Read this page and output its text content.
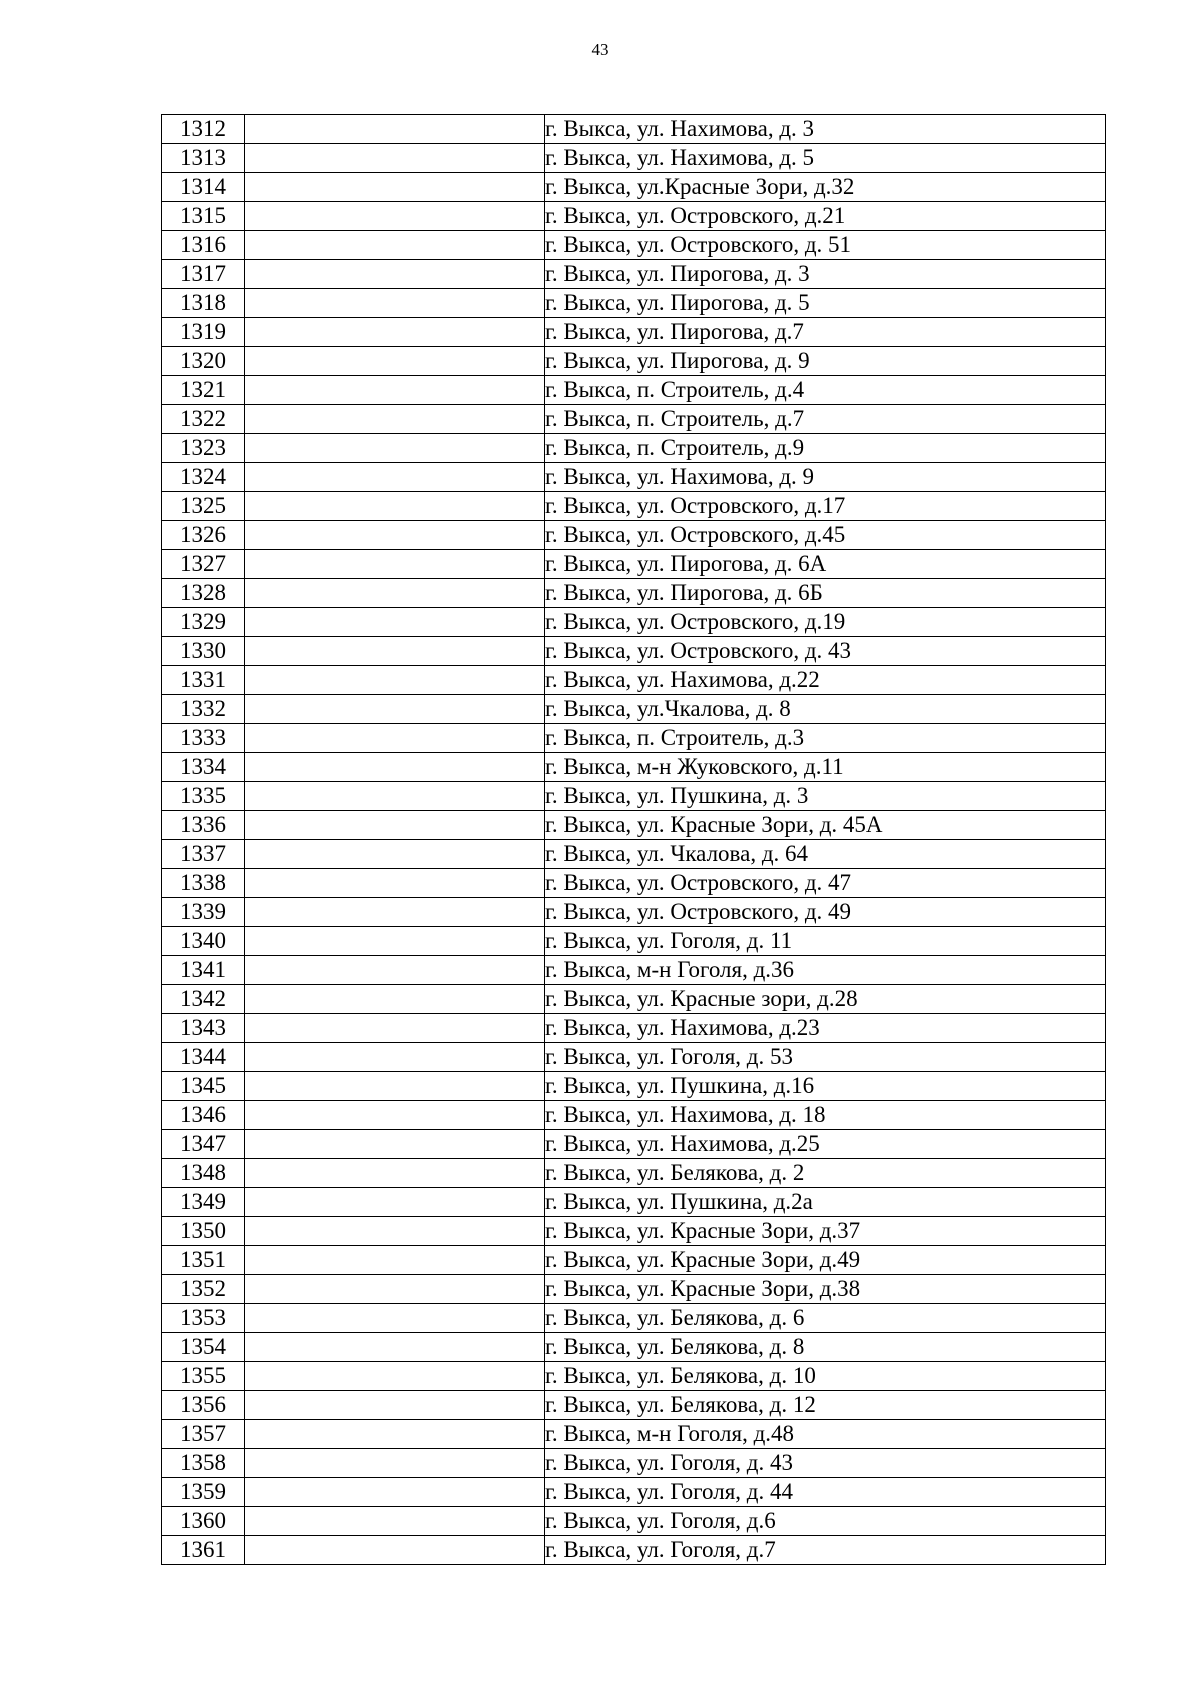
43
1312		г. Выкса, ул. Нахимова, д. 3
1313		г. Выкса, ул. Нахимова, д. 5
1314		г. Выкса, ул.Красные Зори, д.32
1315		г. Выкса, ул. Островского, д.21
1316		г. Выкса, ул. Островского, д. 51
1317		г. Выкса, ул. Пирогова, д. 3
1318		г. Выкса, ул. Пирогова, д. 5
1319		г. Выкса, ул. Пирогова, д.7
1320		г. Выкса, ул. Пирогова, д. 9
1321		г. Выкса, п. Строитель, д.4
1322		г. Выкса, п. Строитель, д.7
1323		г. Выкса, п. Строитель, д.9
1324		г. Выкса, ул. Нахимова, д. 9
1325		г. Выкса, ул. Островского, д.17
1326		г. Выкса, ул. Островского, д.45
1327		г. Выкса, ул. Пирогова, д. 6А
1328		г. Выкса, ул. Пирогова, д. 6Б
1329		г. Выкса, ул. Островского, д.19
1330		г. Выкса, ул. Островского, д. 43
1331		г. Выкса, ул. Нахимова, д.22
1332		г. Выкса, ул.Чкалова, д. 8
1333		г. Выкса, п. Строитель, д.3
1334		г. Выкса, м-н Жуковского, д.11
1335		г. Выкса, ул. Пушкина, д. 3
1336		г. Выкса, ул. Красные Зори, д. 45А
1337		г. Выкса, ул. Чкалова, д. 64
1338		г. Выкса, ул. Островского, д. 47
1339		г. Выкса, ул. Островского, д. 49
1340		г. Выкса, ул. Гоголя, д. 11
1341		г. Выкса, м-н Гоголя, д.36
1342		г. Выкса, ул. Красные зори, д.28
1343		г. Выкса, ул. Нахимова, д.23
1344		г. Выкса, ул. Гоголя, д. 53
1345		г. Выкса, ул. Пушкина, д.16
1346		г. Выкса, ул. Нахимова, д. 18
1347		г. Выкса, ул. Нахимова, д.25
1348		г. Выкса, ул. Белякова, д. 2
1349		г. Выкса, ул. Пушкина, д.2а
1350		г. Выкса, ул. Красные Зори, д.37
1351		г. Выкса, ул. Красные Зори, д.49
1352		г. Выкса, ул. Красные Зори, д.38
1353		г. Выкса, ул. Белякова, д. 6
1354		г. Выкса, ул. Белякова, д. 8
1355		г. Выкса, ул. Белякова, д. 10
1356		г. Выкса, ул. Белякова, д. 12
1357		г. Выкса, м-н Гоголя, д.48
1358		г. Выкса, ул. Гоголя, д. 43
1359		г. Выкса, ул. Гоголя, д. 44
1360		г. Выкса, ул. Гоголя, д.6
1361		г. Выкса, ул. Гоголя, д.7
